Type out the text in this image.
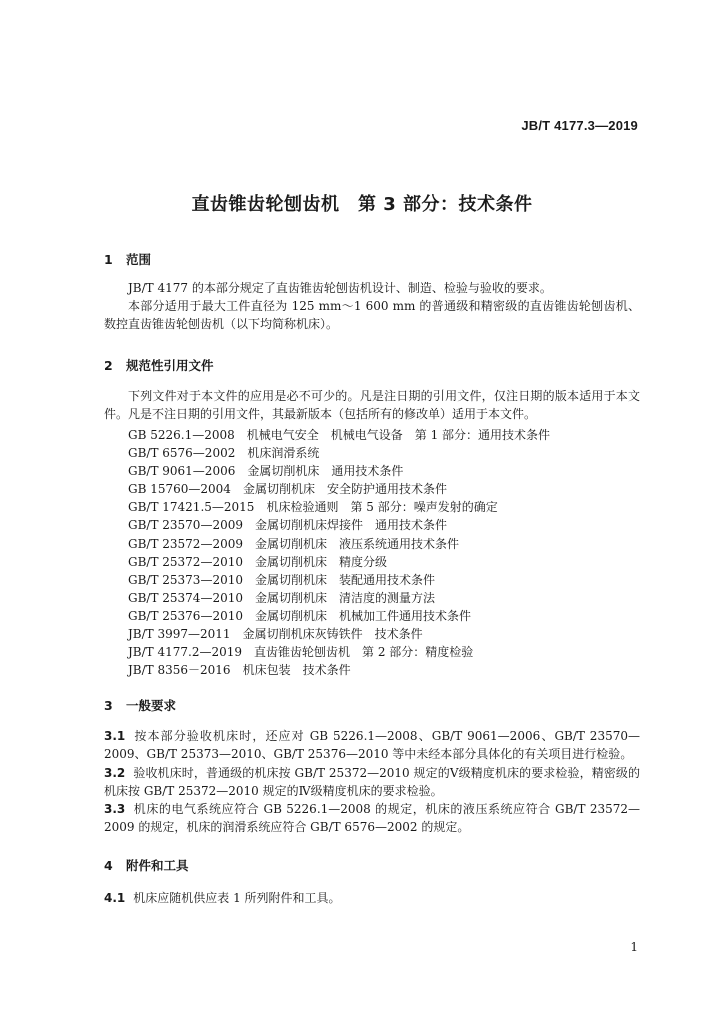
JB/T 4177.3—2019
直齿锥齿轮刨齿机　第 3 部分：技术条件
1 范围
JB/T 4177 的本部分规定了直齿锥齿轮刨齿机设计、制造、检验与验收的要求。
本部分适用于最大工件直径为 125 mm～1 600 mm 的普通级和精密级的直齿锥齿轮刨齿机、数控直齿锥齿轮刨齿机（以下均简称机床）。
2 规范性引用文件
下列文件对于本文件的应用是必不可少的。凡是注日期的引用文件，仅注日期的版本适用于本文件。凡是不注日期的引用文件，其最新版本（包括所有的修改单）适用于本文件。
GB 5226.1—2008 机械电气安全　机械电气设备　第 1 部分：通用技术条件
GB/T 6576—2002 机床润滑系统
GB/T 9061—2006 金属切削机床　通用技术条件
GB 15760—2004 金属切削机床　安全防护通用技术条件
GB/T 17421.5—2015 机床检验通则　第 5 部分：噪声发射的确定
GB/T 23570—2009 金属切削机床焊接件　通用技术条件
GB/T 23572—2009 金属切削机床　液压系统通用技术条件
GB/T 25372—2010 金属切削机床　精度分级
GB/T 25373—2010 金属切削机床　装配通用技术条件
GB/T 25374—2010 金属切削机床　清洁度的测量方法
GB/T 25376—2010 金属切削机床　机械加工件通用技术条件
JB/T 3997—2011 金属切削机床灰铸铁件　技术条件
JB/T 4177.2—2019 直齿锥齿轮刨齿机　第 2 部分：精度检验
JB/T 8356－2016 机床包装　技术条件
3 一般要求
3.1 按本部分验收机床时，还应对 GB 5226.1—2008、GB/T 9061—2006、GB/T 23570—2009、GB/T 25373—2010、GB/T 25376—2010 等中未经本部分具体化的有关项目进行检验。
3.2 验收机床时，普通级的机床按 GB/T 25372—2010 规定的Ⅴ级精度机床的要求检验，精密级的机床按 GB/T 25372—2010 规定的Ⅳ级精度机床的要求检验。
3.3 机床的电气系统应符合 GB 5226.1—2008 的规定，机床的液压系统应符合 GB/T 23572—2009 的规定，机床的润滑系统应符合 GB/T 6576—2002 的规定。
4 附件和工具
4.1 机床应随机供应表 1 所列附件和工具。
1
